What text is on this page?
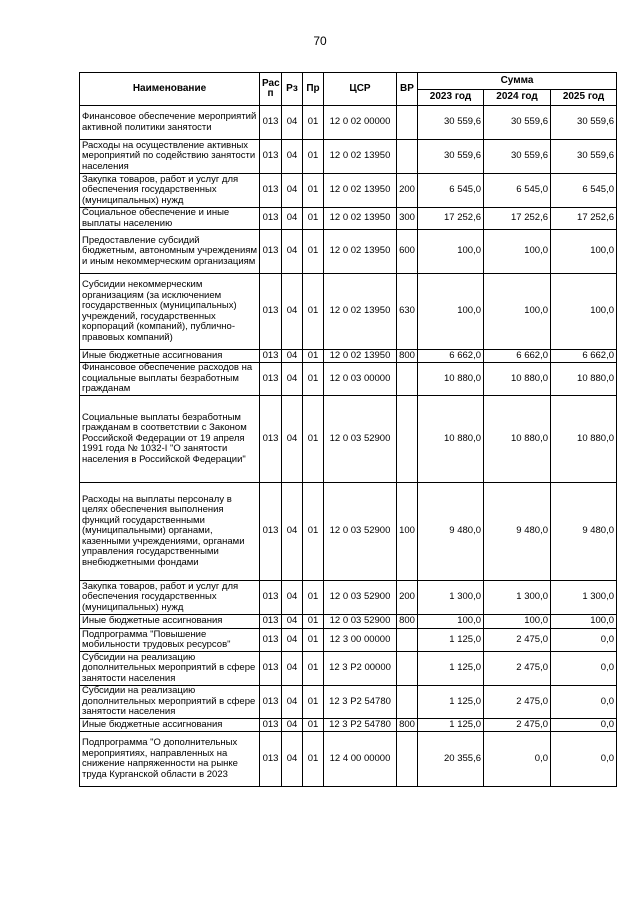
70
Наименование	Рас п	Рз	Пр	ЦСР	ВР	Сумма		
						2023 год	2024 год	2025 год
Финансовое обеспечение мероприятий активной политики занятости	013	04	01	12 0 02 00000		30 559,6	30 559,6	30 559,6
Расходы на осуществление активных мероприятий по содействию занятости населения	013	04	01	12 0 02 13950		30 559,6	30 559,6	30 559,6
Закупка товаров, работ и услуг для обеспечения государственных (муниципальных) нужд	013	04	01	12 0 02 13950	200	6 545,0	6 545,0	6 545,0
Социальное обеспечение и иные выплаты населению	013	04	01	12 0 02 13950	300	17 252,6	17 252,6	17 252,6
Предоставление субсидий бюджетным, автономным учреждениям и иным некоммерческим организациям	013	04	01	12 0 02 13950	600	100,0	100,0	100,0
Субсидии некоммерческим организациям (за исключением государственных (муниципальных) учреждений, государственных корпораций (компаний), публично-правовых компаний)	013	04	01	12 0 02 13950	630	100,0	100,0	100,0
Иные бюджетные ассигнования	013	04	01	12 0 02 13950	800	6 662,0	6 662,0	6 662,0
Финансовое обеспечение расходов на социальные выплаты безработным гражданам	013	04	01	12 0 03 00000		10 880,0	10 880,0	10 880,0
Социальные выплаты безработным гражданам в соответствии с Законом Российской Федерации от 19 апреля 1991 года № 1032-I "О занятости населения в Российской Федерации"	013	04	01	12 0 03 52900		10 880,0	10 880,0	10 880,0
Расходы на выплаты персоналу в целях обеспечения выполнения функций государственными (муниципальными) органами, казенными учреждениями, органами управления государственными внебюджетными фондами	013	04	01	12 0 03 52900	100	9 480,0	9 480,0	9 480,0
Закупка товаров, работ и услуг для обеспечения государственных (муниципальных) нужд	013	04	01	12 0 03 52900	200	1 300,0	1 300,0	1 300,0
Иные бюджетные ассигнования	013	04	01	12 0 03 52900	800	100,0	100,0	100,0
Подпрограмма "Повышение мобильности трудовых ресурсов"	013	04	01	12 3 00 00000		1 125,0	2 475,0	0,0
Субсидии на реализацию дополнительных мероприятий в сфере занятости населения	013	04	01	12 3 P2 00000		1 125,0	2 475,0	0,0
Субсидии на реализацию дополнительных мероприятий в сфере занятости населения	013	04	01	12 3 P2 54780		1 125,0	2 475,0	0,0
Иные бюджетные ассигнования	013	04	01	12 3 P2 54780	800	1 125,0	2 475,0	0,0
Подпрограмма "О дополнительных мероприятиях, направленных на снижение напряженности на рынке труда Курганской области в 2023	013	04	01	12 4 00 00000		20 355,6	0,0	0,0
